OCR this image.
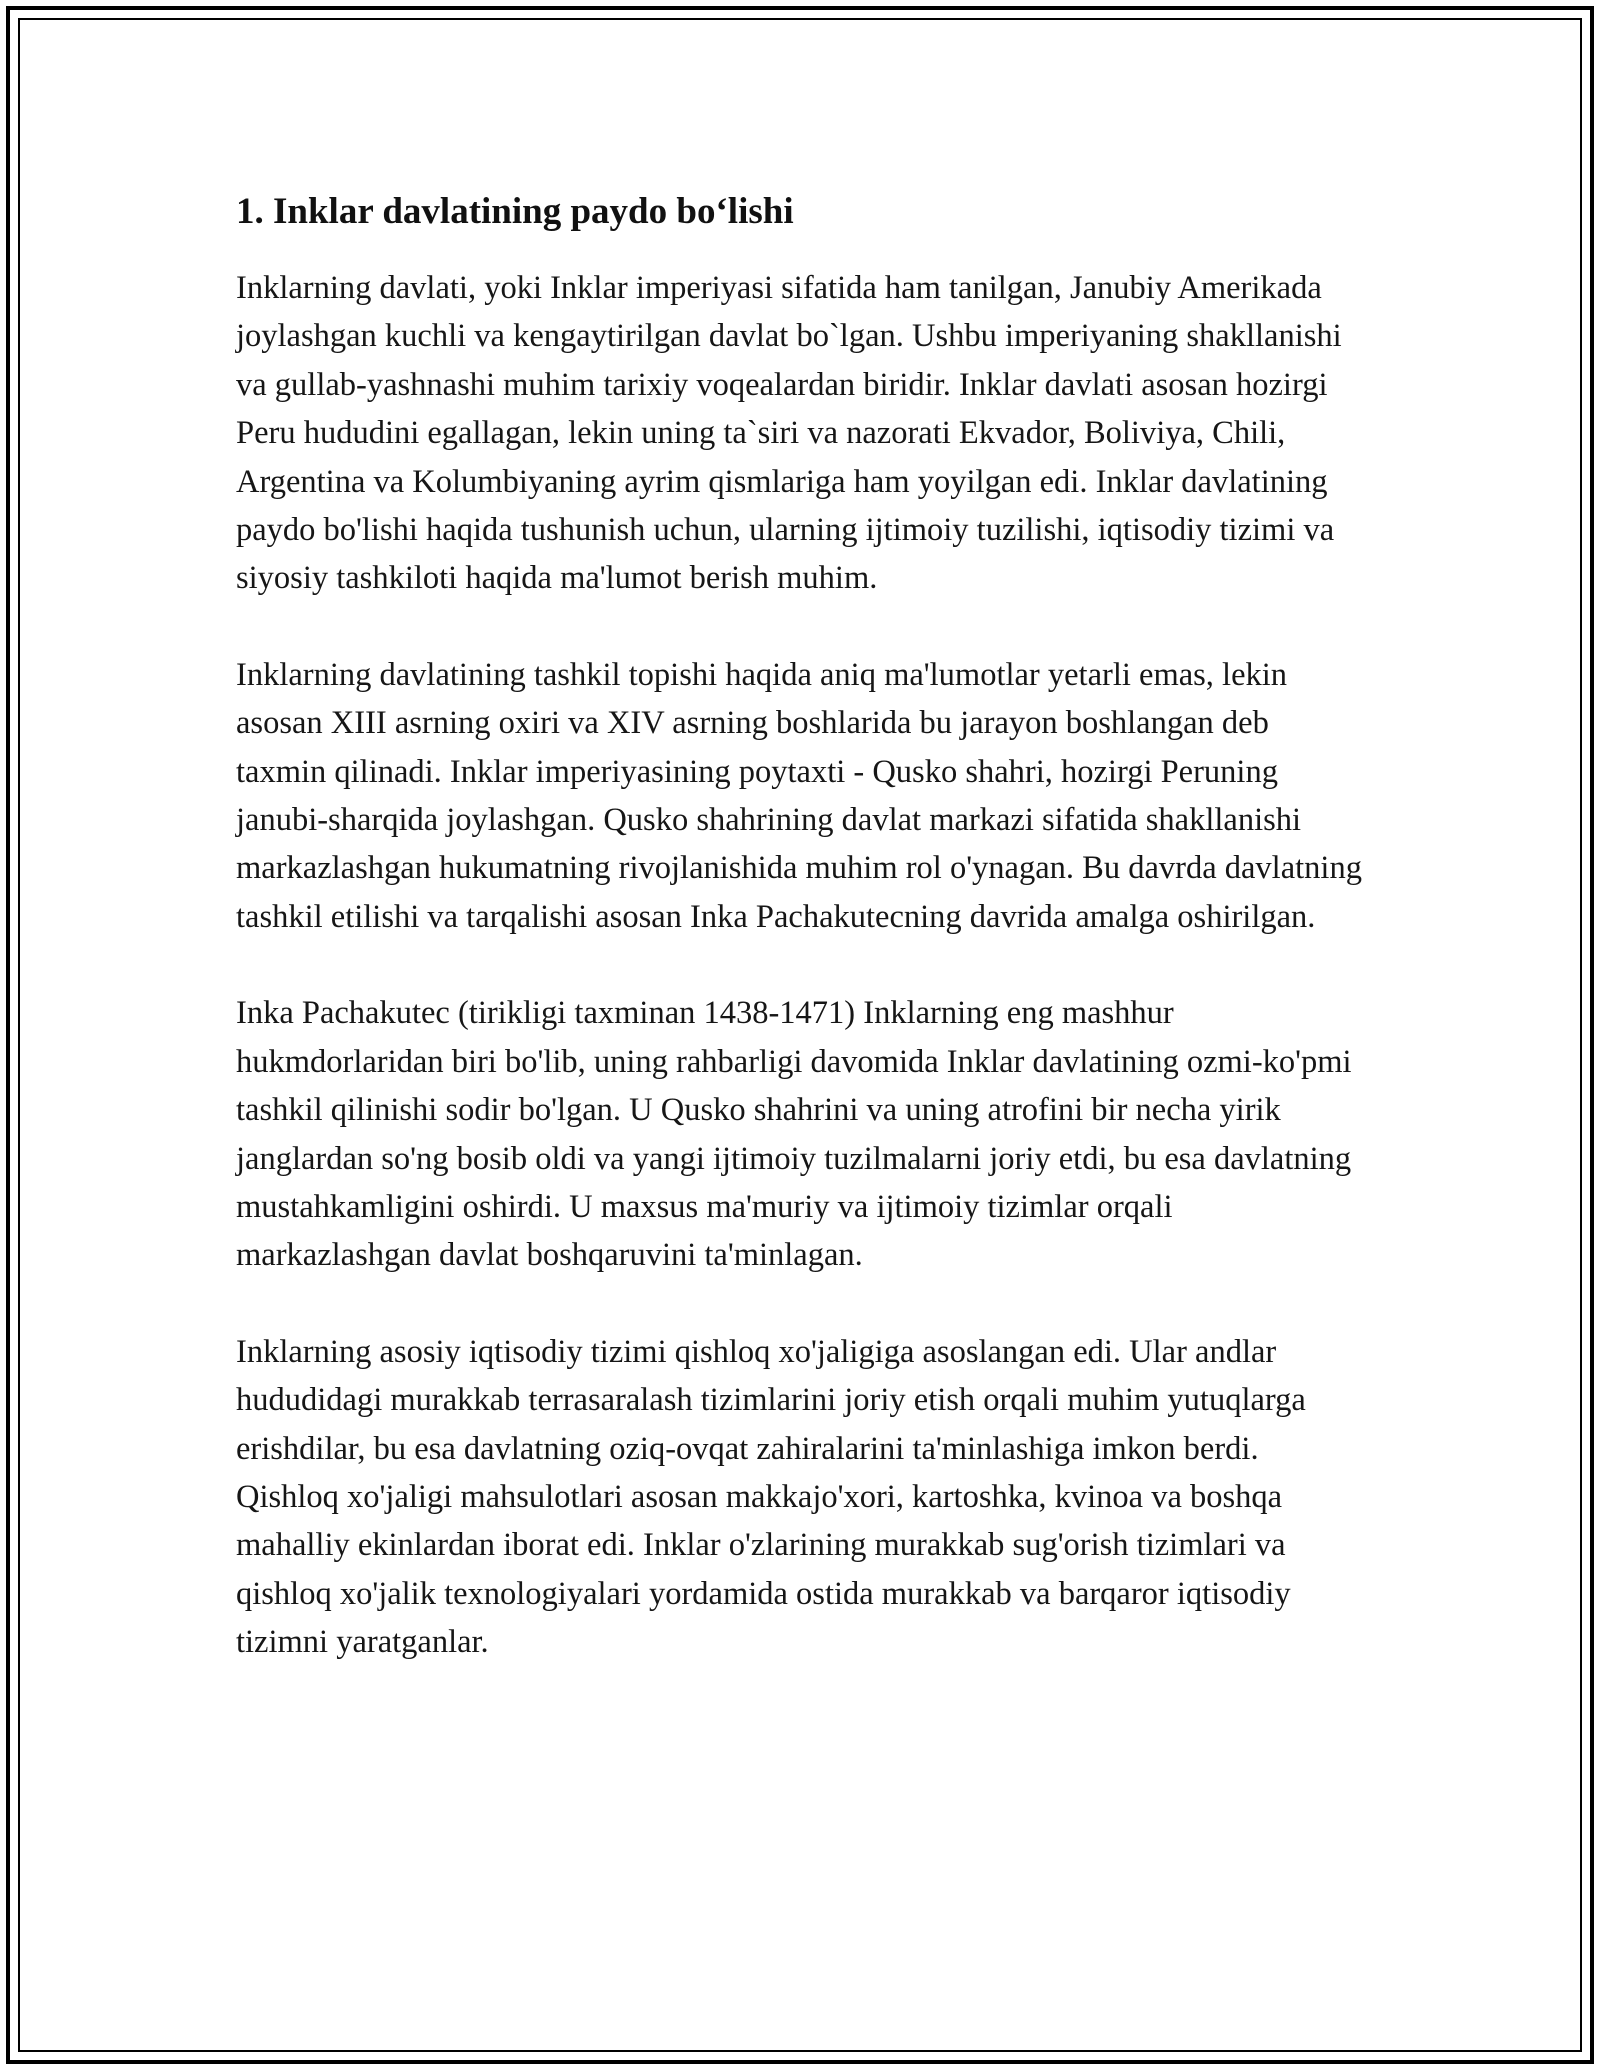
1. Inklar davlatining paydo bo‘lishi

Inklarning davlati, yoki Inklar imperiyasi sifatida ham tanilgan, Janubiy Amerikada joylashgan kuchli va kengaytirilgan davlat bo`lgan. Ushbu imperiyaning shakllanishi va gullab-yashnashi muhim tarixiy voqealardan biridir. Inklar davlati asosan hozirgi Peru hududini egallagan, lekin uning ta`siri va nazorati Ekvador, Boliviya, Chili, Argentina va Kolumbiyaning ayrim qismlariga ham yoyilgan edi. Inklar davlatining paydo bo'lishi haqida tushunish uchun, ularning ijtimoiy tuzilishi, iqtisodiy tizimi va siyosiy tashkiloti haqida ma'lumot berish muhim.

Inklarning davlatining tashkil topishi haqida aniq ma'lumotlar yetarli emas, lekin asosan XIII asrning oxiri va XIV asrning boshlarida bu jarayon boshlangan deb taxmin qilinadi. Inklar imperiyasining poytaxti - Qusko shahri, hozirgi Peruning janubi-sharqida joylashgan. Qusko shahrining davlat markazi sifatida shakllanishi markazlashgan hukumatning rivojlanishida muhim rol o'ynagan. Bu davrda davlatning tashkil etilishi va tarqalishi asosan Inka Pachakutecning davrida amalga oshirilgan.

Inka Pachakutec (tirikligi taxminan 1438-1471) Inklarning eng mashhur hukmdorlaridan biri bo'lib, uning rahbarligi davomida Inklar davlatining ozmi-ko'pmi tashkil qilinishi sodir bo'lgan. U Qusko shahrini va uning atrofini bir necha yirik janglardan so'ng bosib oldi va yangi ijtimoiy tuzilmalarni joriy etdi, bu esa davlatning mustahkamligini oshirdi. U maxsus ma'muriy va ijtimoiy tizimlar orqali markazlashgan davlat boshqaruvini ta'minlagan.

Inklarning asosiy iqtisodiy tizimi qishloq xo'jaligiga asoslangan edi. Ular andlar hududidagi murakkab terrasaralash tizimlarini joriy etish orqali muhim yutuqlarga erishdilar, bu esa davlatning oziq-ovqat zahiralarini ta'minlashiga imkon berdi. Qishloq xo'jaligi mahsulotlari asosan makkajo'xori, kartoshka, kvinoa va boshqa mahalliy ekinlardan iborat edi. Inklar o'zlarining murakkab sug'orish tizimlari va qishloq xo'jalik texnologiyalari yordamida ostida murakkab va barqaror iqtisodiy tizimni yaratganlar.
